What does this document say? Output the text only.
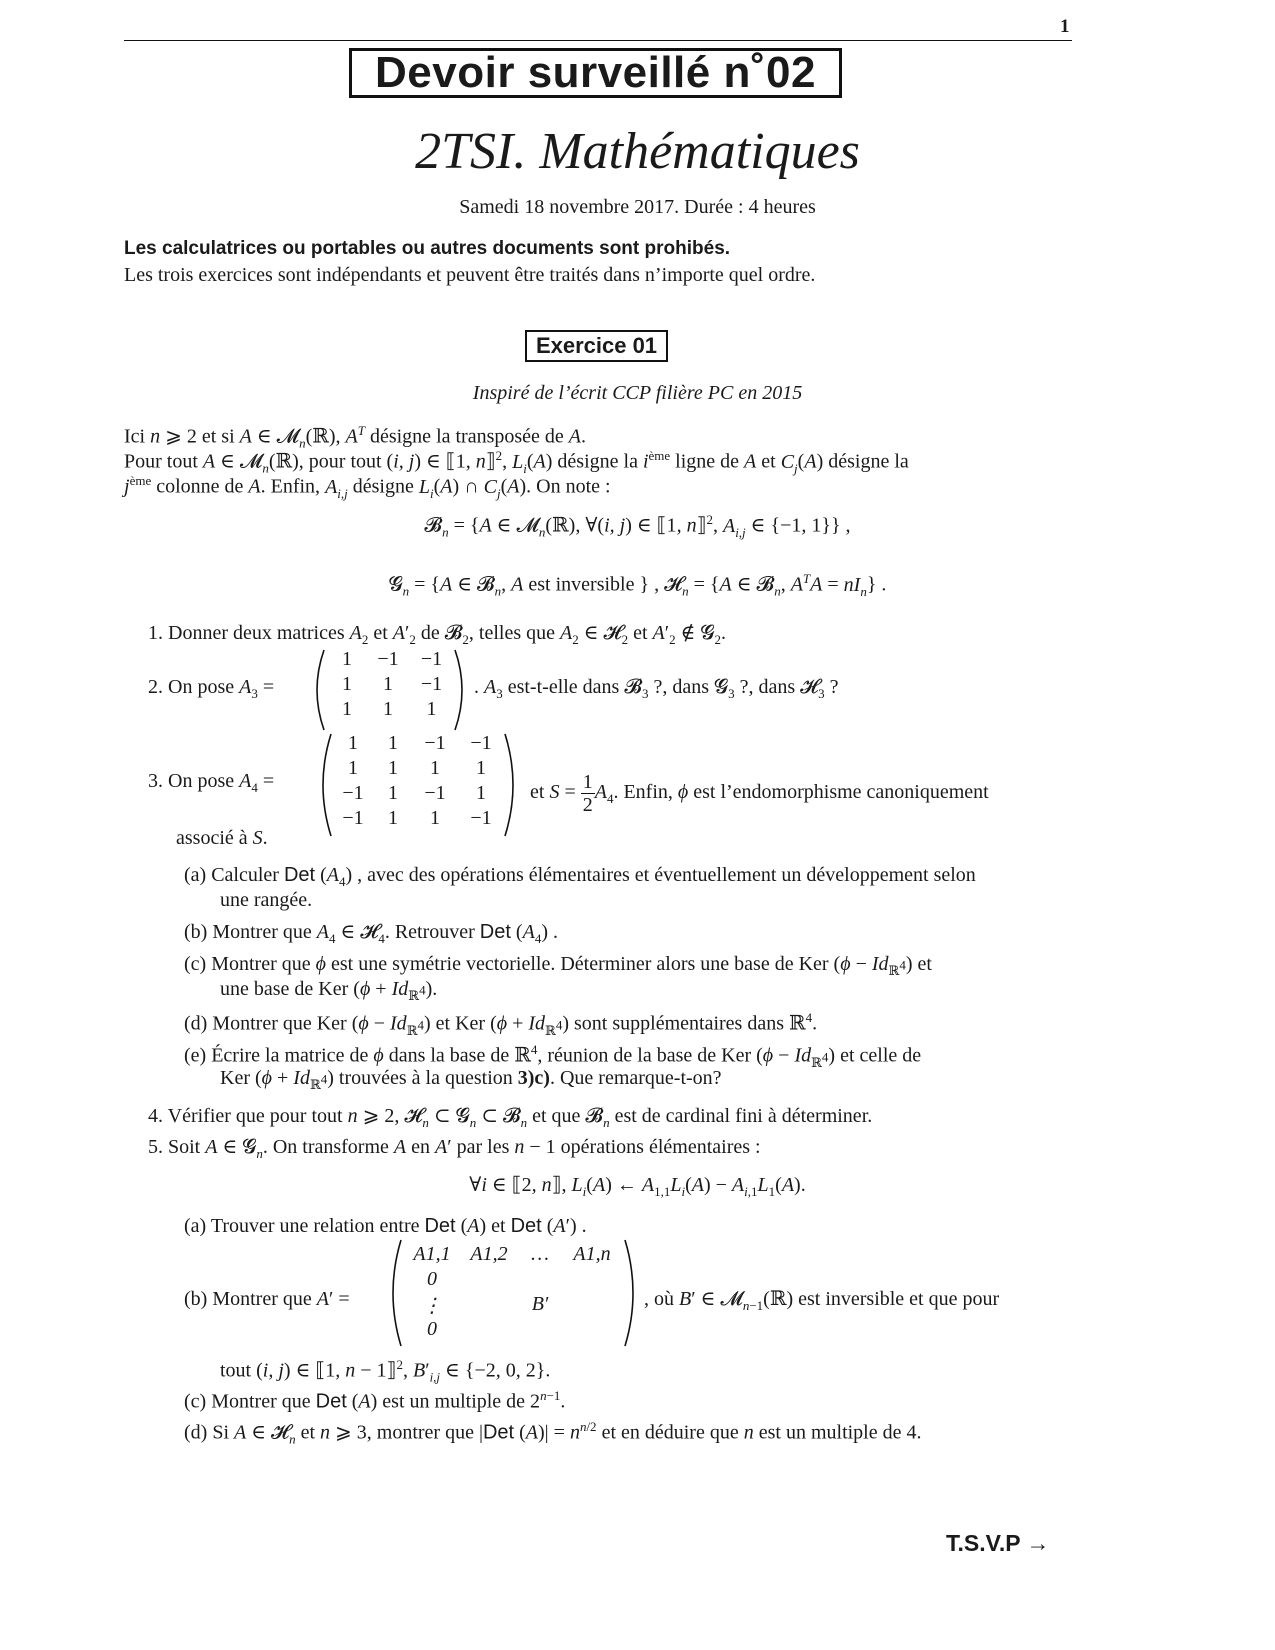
1
Devoir surveillé n˚02
2TSI. Mathématiques
Samedi 18 novembre 2017. Durée : 4 heures
Les calculatrices ou portables ou autres documents sont prohibés.
Les trois exercices sont indépendants et peuvent être traités dans n’importe quel ordre.
Exercice 01
Inspiré de l’écrit CCP filière PC en 2015
Ici n ⩾ 2 et si A ∈ 𝓜$_n$(ℝ), $A^T$ désigne la transposée de A.
Pour tout A ∈ 𝓜$_n$(ℝ), pour tout (i, j) ∈ ⟦1, n⟧$^2$, $L_i(A)$ désigne la $i^{ème}$ ligne de A et $C_j(A)$ désigne la
$j^{ème}$ colonne de A. Enfin, $A_{i,j}$ désigne $L_i(A)$ ∩ $C_j(A)$. On note :
𝓑$_n$ = {A ∈ 𝓜$_n$(ℝ), ∀(i, j) ∈ ⟦1, n⟧$^2$, $A_{i,j}$ ∈ {−1, 1}} ,
𝓖$_n$ = {A ∈ 𝓑$_n$, A est inversible } , 𝓗$_n$ = {A ∈ 𝓑$_n$, $A^TA = nI_n$} .
1. Donner deux matrices $A_2$ et $A'_2$ de 𝓑$_2$, telles que $A_2$ ∈ 𝓗$_2$ et $A'_2$ ∉ 𝓖$_2$.
2. On pose $A_3$ =
1	−1	−1
1	1	−1
1	1	1
. $A_3$ est-t-elle dans 𝓑$_3$ ?, dans 𝓖$_3$ ?, dans 𝓗$_3$ ?
3. On pose $A_4$ =
1	1	−1	−1
1	1	1	1
−1	1	−1	1
−1	1	1	−1
et $S = \frac{1}{2} A_4$. Enfin, ϕ est l’endomorphisme canoniquement
associé à S.
(a) Calculer Det $(A_4)$ , avec des opérations élémentaires et éventuellement un développement selon
une rangée.
(b) Montrer que $A_4$ ∈ 𝓗$_4$. Retrouver Det $(A_4)$ .
(c) Montrer que ϕ est une symétrie vectorielle. Déterminer alors une base de Ker $(\phi - Id_{ℝ^4})$ et
une base de Ker $(\phi + Id_{ℝ^4})$.
(d) Montrer que Ker $(\phi - Id_{ℝ^4})$ et Ker $(\phi + Id_{ℝ^4})$ sont supplémentaires dans ℝ$^4$.
(e) Écrire la matrice de ϕ dans la base de ℝ$^4$, réunion de la base de Ker $(\phi - Id_{ℝ^4})$ et celle de
Ker $(\phi + Id_{ℝ^4})$ trouvées à la question 3)c). Que remarque-t-on?
4. Vérifier que pour tout n ⩾ 2, 𝓗$_n$ ⊂ 𝓖$_n$ ⊂ 𝓑$_n$ et que 𝓑$_n$ est de cardinal fini à déterminer.
5. Soit A ∈ 𝓖$_n$. On transforme A en A′ par les n − 1 opérations élémentaires :
∀i ∈ ⟦2, n⟧, $L_i(A)$ ← $A_{1,1}L_i(A) - A_{i,1}L_1(A)$.
(a) Trouver une relation entre Det (A) et Det (A′) .
(b) Montrer que A′ =
A1,1 A1,2	…	A1,n
0
⋮	B′
0
, où B′ ∈ 𝓜$_{n-1}$(ℝ) est inversible et que pour
tout (i, j) ∈ ⟦1, n − 1⟧$^2$, $B'_{i,j}$ ∈ {−2, 0, 2}.
(c) Montrer que Det (A) est un multiple de $2^{n-1}$.
(d) Si A ∈ 𝓗$_n$ et n ⩾ 3, montrer que |Det $(A)| = n^{n/2}$ et en déduire que n est un multiple de 4.
T.S.V.P →
